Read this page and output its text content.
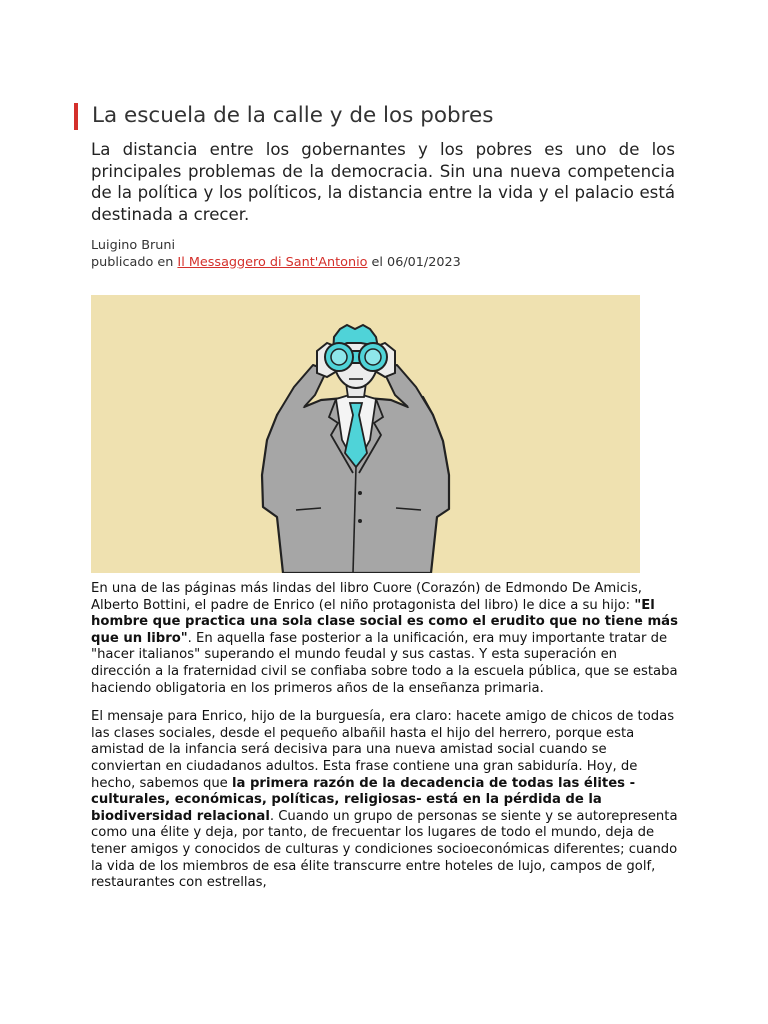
La escuela de la calle y de los pobres

La distancia entre los gobernantes y los pobres es uno de los principales problemas de la democracia. Sin una nueva competencia de la política y los políticos, la distancia entre la vida y el palacio está destinada a crecer.

Luigino Bruni
publicado en Il Messaggero di Sant'Antonio el 06/01/2023

En una de las páginas más lindas del libro Cuore (Corazón) de Edmondo De Amicis, Alberto Bottini, el padre de Enrico (el niño protagonista del libro) le dice a su hijo: "El hombre que practica una sola clase social es como el erudito que no tiene más que un libro". En aquella fase posterior a la unificación, era muy importante tratar de "hacer italianos" superando el mundo feudal y sus castas. Y esta superación en dirección a la fraternidad civil se confiaba sobre todo a la escuela pública, que se estaba haciendo obligatoria en los primeros años de la enseñanza primaria.

El mensaje para Enrico, hijo de la burguesía, era claro: hacete amigo de chicos de todas las clases sociales, desde el pequeño albañil hasta el hijo del herrero, porque esta amistad de la infancia será decisiva para una nueva amistad social cuando se conviertan en ciudadanos adultos. Esta frase contiene una gran sabiduría. Hoy, de hecho, sabemos que la primera razón de la decadencia de todas las élites -culturales, económicas, políticas, religiosas- está en la pérdida de la biodiversidad relacional. Cuando un grupo de personas se siente y se autorepresenta como una élite y deja, por tanto, de frecuentar los lugares de todo el mundo, deja de tener amigos y conocidos de culturas y condiciones socioeconómicas diferentes; cuando la vida de los miembros de esa élite transcurre entre hoteles de lujo, campos de golf, restaurantes con estrellas,
